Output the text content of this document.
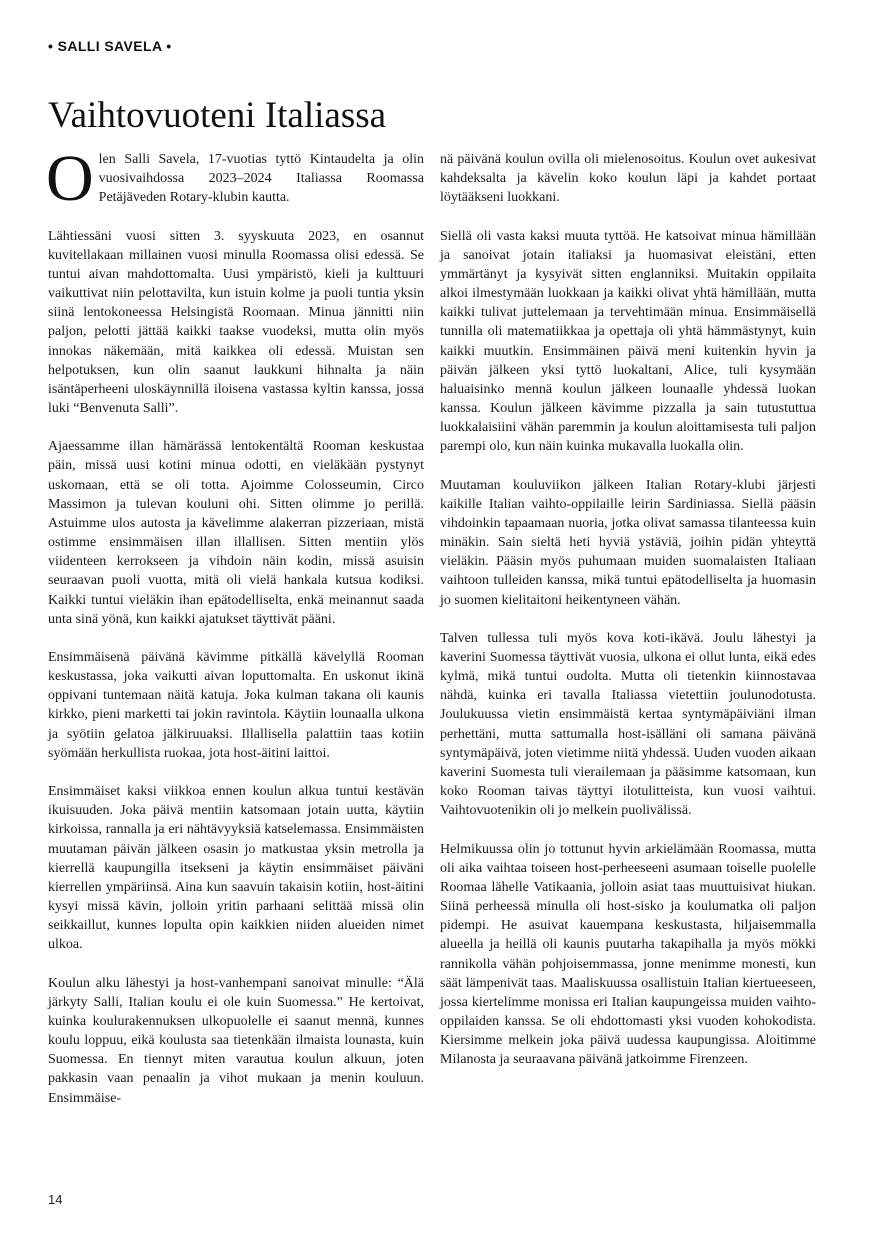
• SALLI SAVELA •
Vaihtovuoteni Italiassa

Olen Salli Savela, 17-vuotias tyttö Kintaudelta ja olin vuosivaihdossa 2023–2024 Italiassa Roomassa Petäjäveden Rotary-klubin kautta.

Lähtiessäni vuosi sitten 3. syyskuuta 2023, en osannut kuvitellakaan millainen vuosi minulla Roomassa olisi edessä. Se tuntui aivan mahdottomalta. Uusi ympäristö, kieli ja kulttuuri vaikuttivat niin pelottavilta, kun istuin kolme ja puoli tuntia yksin siinä lentokoneessa Helsingistä Roomaan. Minua jännitti niin paljon, pelotti jättää kaikki taakse vuodeksi, mutta olin myös innokas näkemään, mitä kaikkea oli edessä. Muistan sen helpotuksen, kun olin saanut laukkuni hihnalta ja näin isäntäperheeni uloskäynnillä iloisena vastassa kyltin kanssa, jossa luki “Benvenuta Salli”.

Ajaessamme illan hämärässä lentokentältä Rooman keskustaa päin, missä uusi kotini minua odotti, en vieläkään pystynyt uskomaan, että se oli totta. Ajoimme Colosseumin, Circo Massimon ja tulevan kouluni ohi. Sitten olimme jo perillä. Astuimme ulos autosta ja kävelimme alakerran pizzeriaan, mistä ostimme ensimmäisen illan illallisen. Sitten mentiin ylös viidenteen kerrokseen ja vihdoin näin kodin, missä asuisin seuraavan puoli vuotta, mitä oli vielä hankala kutsua kodiksi. Kaikki tuntui vieläkin ihan epätodelliselta, enkä meinannut saada unta sinä yönä, kun kaikki ajatukset täyttivät pääni.

Ensimmäisenä päivänä kävimme pitkällä kävelyllä Rooman keskustassa, joka vaikutti aivan loputtomalta. En uskonut ikinä oppivani tuntemaan näitä katuja. Joka kulman takana oli kaunis kirkko, pieni marketti tai jokin ravintola. Käytiin lounaalla ulkona ja syötiin gelatoa jälkiruuaksi. Illallisella palattiin taas kotiin syömään herkullista ruokaa, jota host-äitini laittoi.

Ensimmäiset kaksi viikkoa ennen koulun alkua tuntui kestävän ikuisuuden. Joka päivä mentiin katsomaan jotain uutta, käytiin kirkoissa, rannalla ja eri nähtävyyksiä katselemassa. Ensimmäisten muutaman päivän jälkeen osasin jo matkustaa yksin metrolla ja kierrellä kaupungilla itsekseni ja käytin ensimmäiset päiväni kierrellen ympäriinsä. Aina kun saavuin takaisin kotiin, host-äitini kysyi missä kävin, jolloin yritin parhaani selittää missä olin seikkaillut, kunnes lopulta opin kaikkien niiden alueiden nimet ulkoa.

Koulun alku lähestyi ja host-vanhempani sanoivat minulle: “Älä järkyty Salli, Italian koulu ei ole kuin Suomessa.” He kertoivat, kuinka koulurakennuksen ulkopuolelle ei saanut mennä, kunnes koulu loppuu, eikä koulusta saa tietenkään ilmaista lounasta, kuin Suomessa. En tiennyt miten varautua koulun alkuun, joten pakkasin vaan penaalin ja vihot mukaan ja menin kouluun. Ensimmäise-

nä päivänä koulun ovilla oli mielenosoitus. Koulun ovet aukesivat kahdeksalta ja kävelin koko koulun läpi ja kahdet portaat löytääkseni luokkani.

Siellä oli vasta kaksi muuta tyttöä. He katsoivat minua hämillään ja sanoivat jotain italiaksi ja huomasivat eleistäni, etten ymmärtänyt ja kysyivät sitten englanniksi. Muitakin oppilaita alkoi ilmestymään luokkaan ja kaikki olivat yhtä hämillään, mutta kaikki tulivat juttelemaan ja tervehtimään minua. Ensimmäisellä tunnilla oli matematiikkaa ja opettaja oli yhtä hämmästynyt, kuin kaikki muutkin. Ensimmäinen päivä meni kuitenkin hyvin ja päivän jälkeen yksi tyttö luokaltani, Alice, tuli kysymään haluaisinko mennä koulun jälkeen lounaalle yhdessä luokan kanssa. Koulun jälkeen kävimme pizzalla ja sain tutustuttua luokkalaisiini vähän paremmin ja koulun aloittamisesta tuli paljon parempi olo, kun näin kuinka mukavalla luokalla olin.

Muutaman kouluviikon jälkeen Italian Rotary-klubi järjesti kaikille Italian vaihto-oppilaille leirin Sardiniassa. Siellä pääsin vihdoinkin tapaamaan nuoria, jotka olivat samassa tilanteessa kuin minäkin. Sain sieltä heti hyviä ystäviä, joihin pidän yhteyttä vieläkin. Pääsin myös puhumaan muiden suomalaisten Italiaan vaihtoon tulleiden kanssa, mikä tuntui epätodelliselta ja huomasin jo suomen kielitaitoni heikentyneen vähän.

Talven tullessa tuli myös kova koti-ikävä. Joulu lähestyi ja kaverini Suomessa täyttivät vuosia, ulkona ei ollut lunta, eikä edes kylmä, mikä tuntui oudolta. Mutta oli tietenkin kiinnostavaa nähdä, kuinka eri tavalla Italiassa vietettiin joulunodotusta. Joulukuussa vietin ensimmäistä kertaa syntymäpäiviäni ilman perhettäni, mutta sattumalla host-isälläni oli samana päivänä syntymäpäivä, joten vietimme niitä yhdessä. Uuden vuoden aikaan kaverini Suomesta tuli vierailemaan ja pääsimme katsomaan, kun koko Rooman taivas täyttyi ilotulitteista, kun vuosi vaihtui. Vaihtovuotenikin oli jo melkein puolivälissä.

Helmikuussa olin jo tottunut hyvin arkielämään Roomassa, mutta oli aika vaihtaa toiseen host-perheeseeni asumaan toiselle puolelle Roomaa lähelle Vatikaania, jolloin asiat taas muuttuisivat hiukan. Siinä perheessä minulla oli host-sisko ja koulumatka oli paljon pidempi. He asuivat kauempana keskustasta, hiljaisemmalla alueella ja heillä oli kaunis puutarha takapihalla ja myös mökki rannikolla vähän pohjoisemmassa, jonne menimme monesti, kun säät lämpenivät taas. Maaliskuussa osallistuin Italian kiertueeseen, jossa kiertelimme monissa eri Italian kaupungeissa muiden vaihto-oppilaiden kanssa. Se oli ehdottomasti yksi vuoden kohokodista. Kiersimme melkein joka päivä uudessa kaupungissa. Aloitimme Milanosta ja seuraavana päivänä jatkoimme Firenzeen.

14
